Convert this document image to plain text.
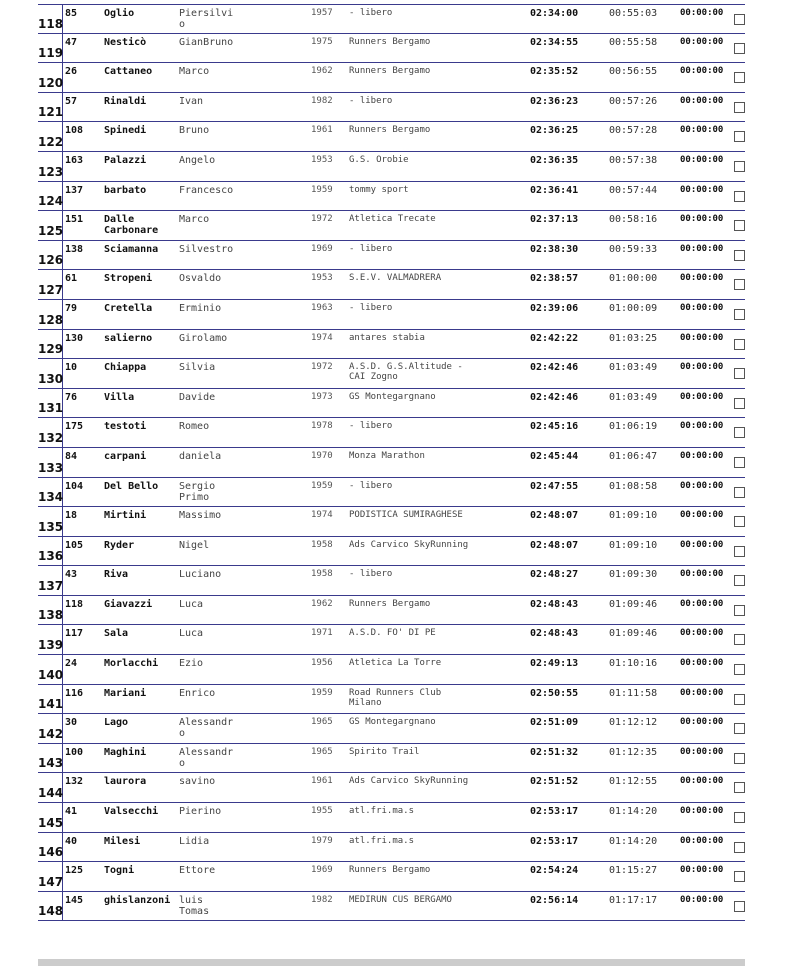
118
85	Oglio	Piersilvi
o
1957 - libero	02:34:00	00:55:03	00:00:00
119
47	Nesticò	GianBruno	1975 Runners Bergamo	02:34:55	00:55:58	00:00:00
120
26	Cattaneo	Marco	1962 Runners Bergamo	02:35:52	00:56:55	00:00:00
121
57	Rinaldi	Ivan	1982 - libero	02:36:23	00:57:26	00:00:00
122
108 Spinedi	Bruno	1961 Runners Bergamo	02:36:25	00:57:28	00:00:00
123
163 Palazzi	Angelo	1953 G.S. Orobie	02:36:35	00:57:38	00:00:00
124
137 barbato	Francesco	1959 tommy sport	02:36:41	00:57:44	00:00:00
125
151 Dalle
Carbonare
Marco	1972 Atletica Trecate	02:37:13	00:58:16	00:00:00
126
138 Sciamanna	Silvestro	1969 - libero	02:38:30	00:59:33	00:00:00
127
61	Stropeni	Osvaldo	1953 S.E.V. VALMADRERA	02:38:57	01:00:00	00:00:00
128
79	Cretella	Erminio	1963 - libero	02:39:06	01:00:09	00:00:00
129
130 salierno	Girolamo	1974 antares stabia	02:42:22	01:03:25	00:00:00
130
10	Chiappa	Silvia	1972 A.S.D. G.S.Altitude -
CAI Zogno
02:42:46	01:03:49	00:00:00
131
76	Villa	Davide	1973 GS Montegargnano	02:42:46	01:03:49	00:00:00
132
175 testoti	Romeo	1978 - libero	02:45:16	01:06:19	00:00:00
133
84	carpani	daniela	1970 Monza Marathon	02:45:44	01:06:47	00:00:00
134
104 Del Bello	Sergio
Primo
1959 - libero	02:47:55	01:08:58	00:00:00
135
18	Mirtini	Massimo	1974 PODISTICA SUMIRAGHESE	02:48:07	01:09:10	00:00:00
136
105 Ryder	Nigel	1958 Ads Carvico SkyRunning	02:48:07	01:09:10	00:00:00
137
43	Riva	Luciano	1958 - libero	02:48:27	01:09:30	00:00:00
138
118 Giavazzi	Luca	1962 Runners Bergamo	02:48:43	01:09:46	00:00:00
139
117 Sala	Luca	1971 A.S.D. FO' DI PE	02:48:43	01:09:46	00:00:00
140
24	Morlacchi	Ezio	1956 Atletica La Torre	02:49:13	01:10:16	00:00:00
141
116 Mariani	Enrico	1959 Road Runners Club
Milano
02:50:55	01:11:58	00:00:00
142
30	Lago	Alessandr
o
1965 GS Montegargnano	02:51:09	01:12:12	00:00:00
143
100 Maghini	Alessandr
o
1965 Spirito Trail	02:51:32	01:12:35	00:00:00
144
132 laurora	savino	1961 Ads Carvico SkyRunning	02:51:52	01:12:55	00:00:00
145
41	Valsecchi	Pierino	1955 atl.fri.ma.s	02:53:17	01:14:20	00:00:00
146
40	Milesi	Lidia	1979 atl.fri.ma.s	02:53:17	01:14:20	00:00:00
147
125 Togni	Ettore	1969 Runners Bergamo	02:54:24	01:15:27	00:00:00
148
145 ghislanzoni luis
Tomas
1982 MEDIRUN CUS BERGAMO	02:56:14	01:17:17	00:00:00
